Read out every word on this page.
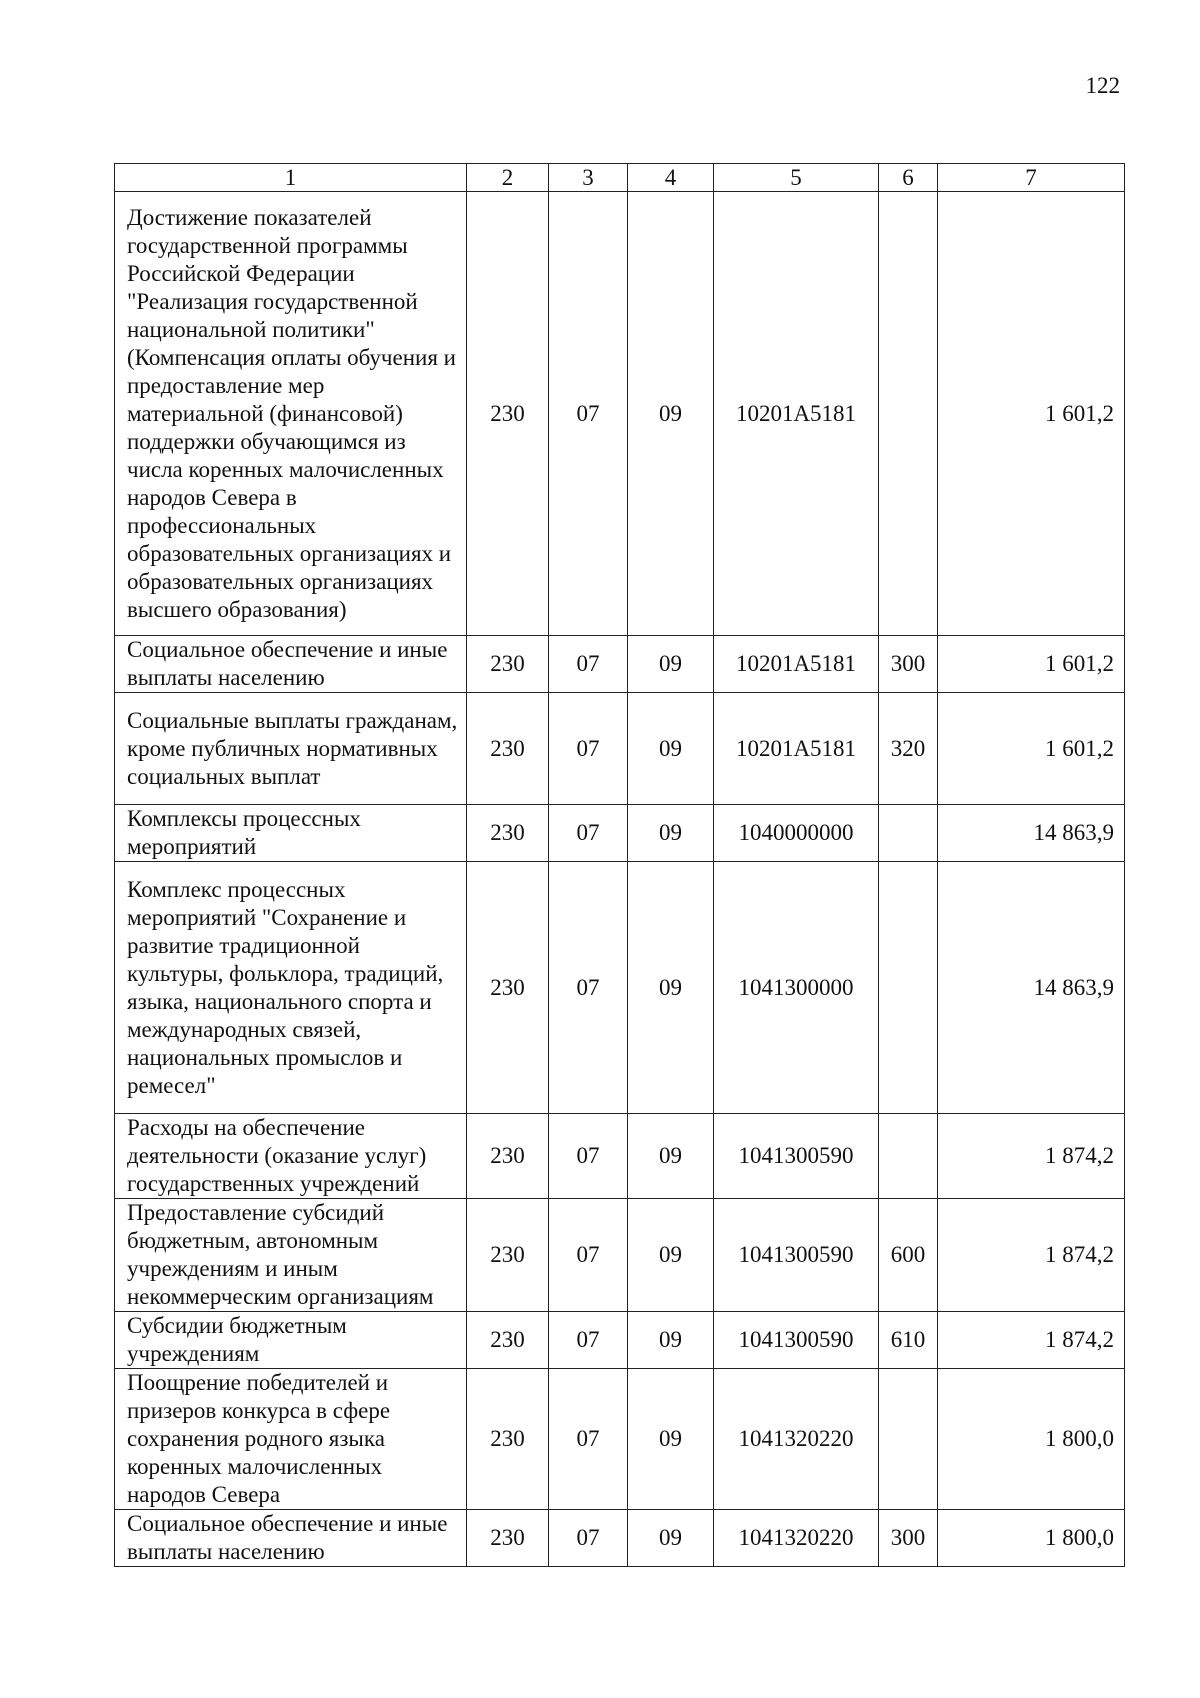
122
1	2	3	4	5	6	7
Достижение показателей государственной программы Российской Федерации "Реализация государственной национальной политики" (Компенсация оплаты обучения и предоставление мер материальной (финансовой) поддержки обучающимся из числа коренных малочисленных народов Севера в профессиональных образовательных организациях и образовательных организациях высшего образования)	230	07	09	10201А5181		1 601,2
Социальное обеспечение и иные выплаты населению	230	07	09	10201А5181	300	1 601,2
Социальные выплаты гражданам, кроме публичных нормативных социальных выплат	230	07	09	10201А5181	320	1 601,2
Комплексы процессных мероприятий	230	07	09	1040000000		14 863,9
Комплекс процессных мероприятий "Сохранение и развитие традиционной культуры, фольклора, традиций, языка, национального спорта и международных связей, национальных промыслов и ремесел"	230	07	09	1041300000		14 863,9
Расходы на обеспечение деятельности (оказание услуг) государственных учреждений	230	07	09	1041300590		1 874,2
Предоставление субсидий бюджетным, автономным учреждениям и иным некоммерческим организациям	230	07	09	1041300590	600	1 874,2
Субсидии бюджетным учреждениям	230	07	09	1041300590	610	1 874,2
Поощрение победителей и призеров конкурса в сфере сохранения родного языка коренных малочисленных народов Севера	230	07	09	1041320220		1 800,0
Социальное обеспечение и иные выплаты населению	230	07	09	1041320220	300	1 800,0
